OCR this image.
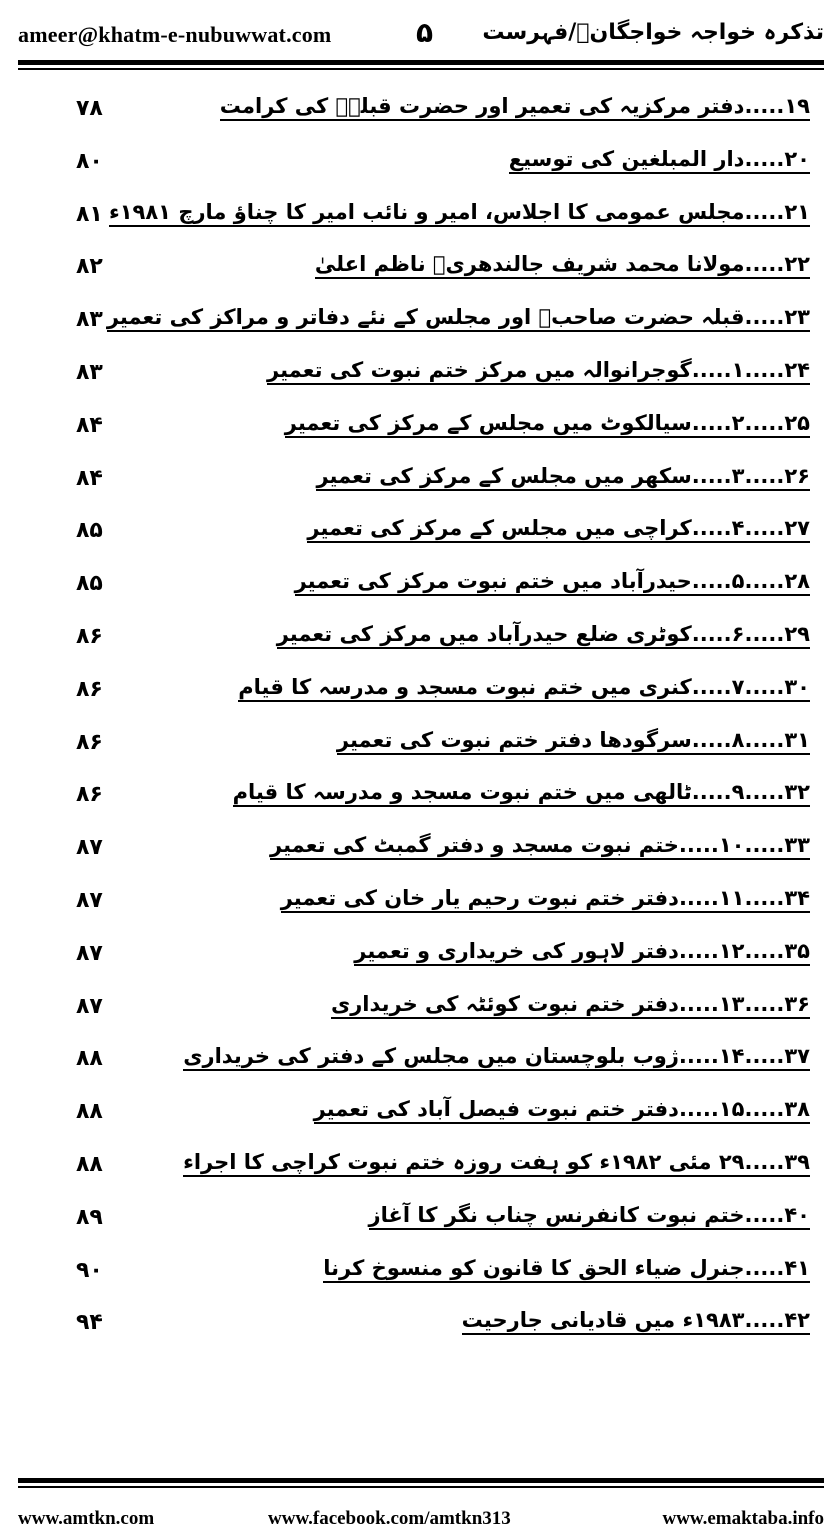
ameer@khatm-e-nubuwwat.com	۵ تذکرہ خواجہ خواجگانؒ/فہرست
۷۸	۱۹.....دفتر مرکزیہ کی تعمیر اور حضرت قبلہؒ کی کرامت
۸۰	۲۰.....دار المبلغین کی توسیع
۸۱ ۲۱.....مجلس عمومی کا اجلاس، امیر و نائب امیر کا چناؤ مارچ ۱۹۸۱ء
۸۲	۲۲.....مولانا محمد شریف جالندھریؒ ناظم اعلیٰ
۸۳ ۲۳.....قبلہ حضرت صاحبؒ اور مجلس کے نئے دفاتر و مراکز کی تعمیر
۸۳	۲۴.....۱.....گوجرانوالہ میں مرکز ختم نبوت کی تعمیر
۸۴	۲۵.....۲.....سیالکوٹ میں مجلس کے مرکز کی تعمیر
۸۴	۲۶.....۳.....سکھر میں مجلس کے مرکز کی تعمیر
۸۵	۲۷.....۴.....کراچی میں مجلس کے مرکز کی تعمیر
۸۵	۲۸.....۵.....حیدرآباد میں ختم نبوت مرکز کی تعمیر
۸۶	۲۹.....۶.....کوٹری ضلع حیدرآباد میں مرکز کی تعمیر
۸۶	۳۰.....۷.....کنری میں ختم نبوت مسجد و مدرسہ کا قیام
۸۶	۳۱.....۸.....سرگودھا دفتر ختم نبوت کی تعمیر
۸۶	۳۲.....۹.....ٹالھی میں ختم نبوت مسجد و مدرسہ کا قیام
۸۷	۳۳.....۱۰.....ختم نبوت مسجد و دفتر گمبٹ کی تعمیر
۸۷	۳۴.....۱۱.....دفتر ختم نبوت رحیم یار خان کی تعمیر
۸۷	۳۵.....۱۲.....دفتر لاہور کی خریداری و تعمیر
۸۷	۳۶.....۱۳.....دفتر ختم نبوت کوئٹہ کی خریداری
۸۸	۳۷.....۱۴.....ژوب بلوچستان میں مجلس کے دفتر کی خریداری
۸۸	۳۸.....۱۵.....دفتر ختم نبوت فیصل آباد کی تعمیر
۸۸	۳۹.....۲۹ مئی ۱۹۸۲ء کو ہفت روزہ ختم نبوت کراچی کا اجراء
۸۹	۴۰.....ختم نبوت کانفرنس چناب نگر کا آغاز
۹۰	۴۱.....جنرل ضیاء الحق کا قانون کو منسوخ کرنا
۹۴	۴۲.....۱۹۸۳ء میں قادیانی جارحیت
www.amtkn.com	www.facebook.com/amtkn313	www.emaktaba.info
